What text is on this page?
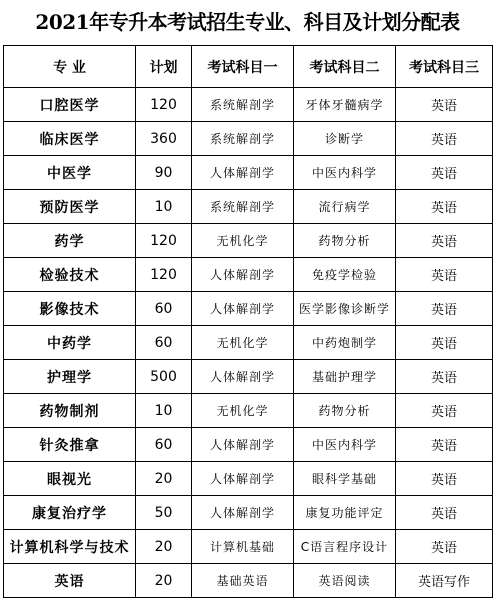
2021年专升本考试招生专业、科目及计划分配表
专 业	计划	考试科目一	考试科目二	考试科目三
口腔医学	120	系统解剖学	牙体牙髓病学	英语
临床医学	360	系统解剖学	诊断学	英语
中医学	90	人体解剖学	中医内科学	英语
预防医学	10	系统解剖学	流行病学	英语
药学	120	无机化学	药物分析	英语
检验技术	120	人体解剖学	免疫学检验	英语
影像技术	60	人体解剖学	医学影像诊断学	英语
中药学	60	无机化学	中药炮制学	英语
护理学	500	人体解剖学	基础护理学	英语
药物制剂	10	无机化学	药物分析	英语
针灸推拿	60	人体解剖学	中医内科学	英语
眼视光	20	人体解剖学	眼科学基础	英语
康复治疗学	50	人体解剖学	康复功能评定	英语
计算机科学与技术	20	计算机基础	C语言程序设计	英语
英语	20	基础英语	英语阅读	英语写作
